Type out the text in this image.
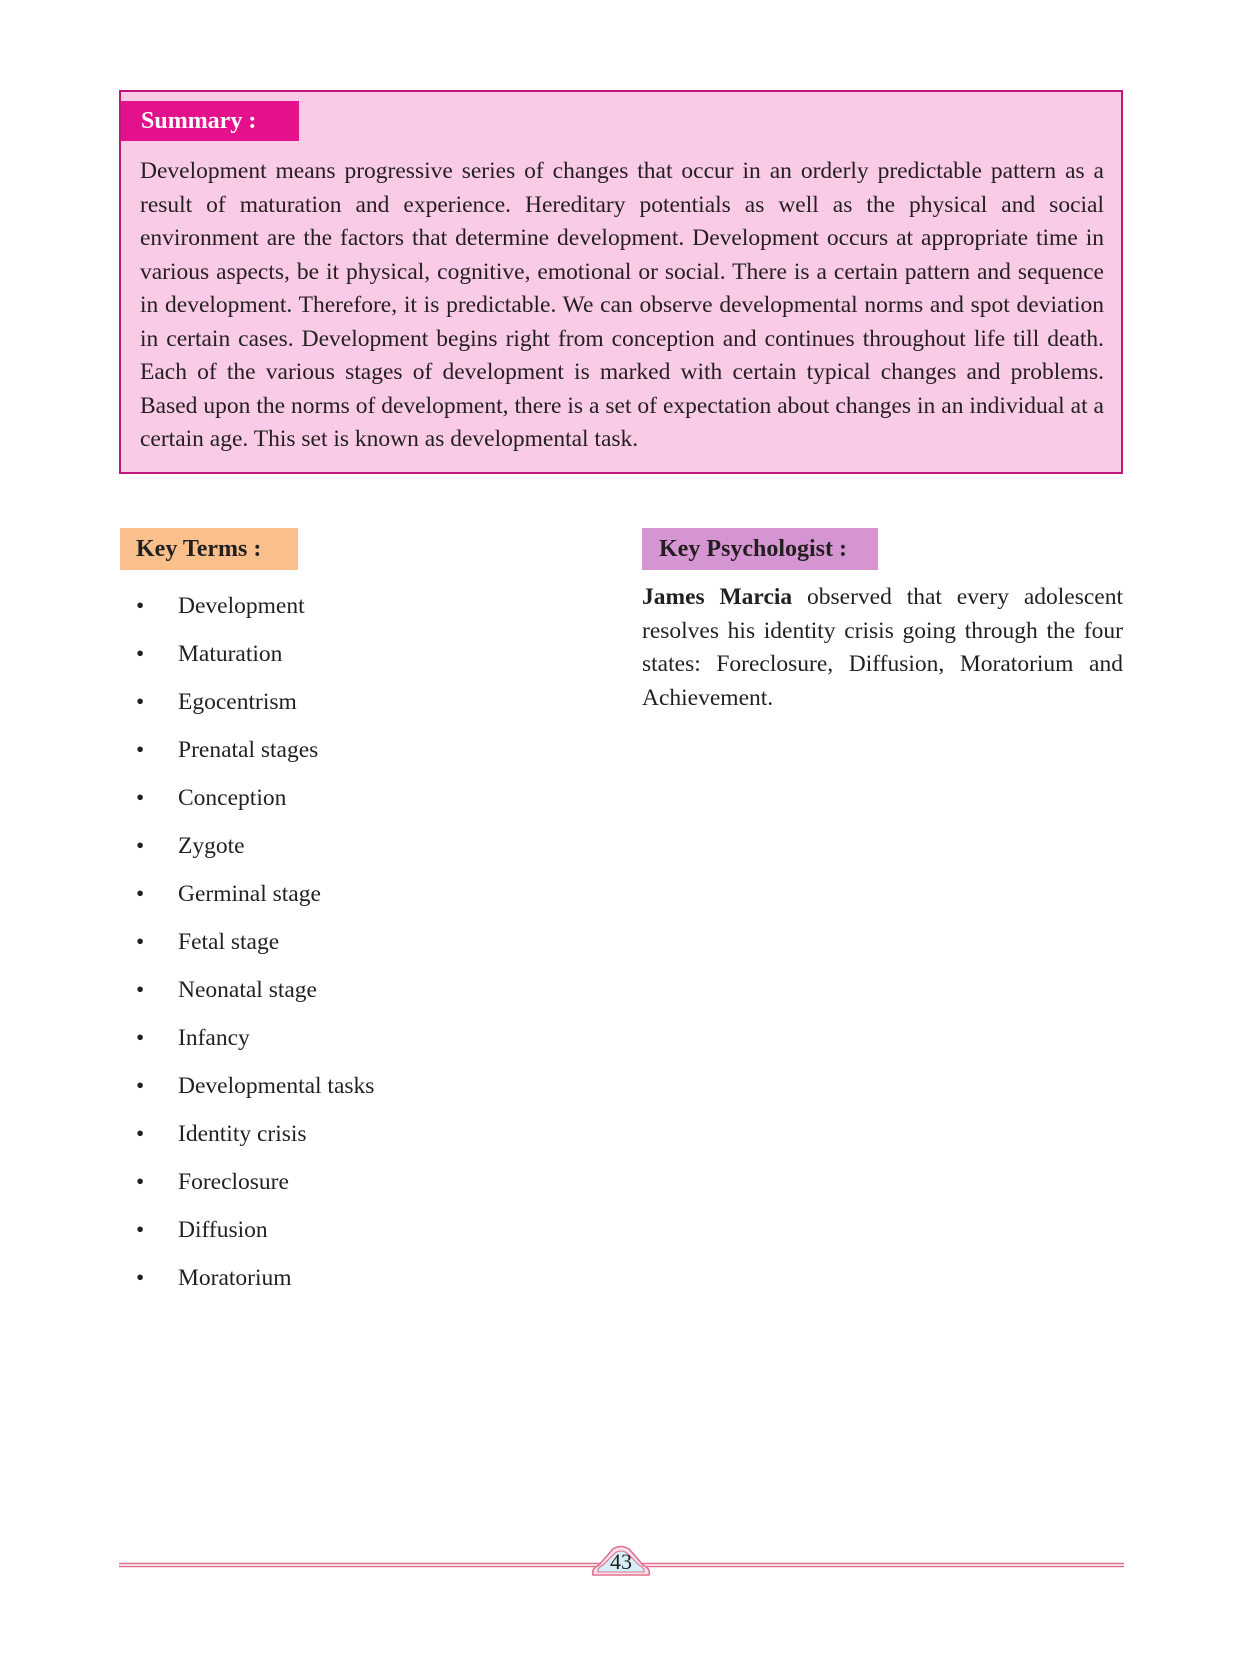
Summary :

Development means progressive series of changes that occur in an orderly predictable pattern as a result of maturation and experience. Hereditary potentials as well as the physical and social environment are the factors that determine development. Development occurs at appropriate time in various aspects, be it physical, cognitive, emotional or social. There is a certain pattern and sequence in development. Therefore, it is predictable. We can observe developmental norms and spot deviation in certain cases. Development begins right from conception and continues throughout life till death. Each of the various stages of development is marked with certain typical changes and problems. Based upon the norms of development, there is a set of expectation about changes in an individual at a certain age. This set is known as developmental task.

Key Terms :
• Development
• Maturation
• Egocentrism
• Prenatal stages
• Conception
• Zygote
• Germinal stage
• Fetal stage
• Neonatal stage
• Infancy
• Developmental tasks
• Identity crisis
• Foreclosure
• Diffusion
• Moratorium
Key Psychologist :

James Marcia observed that every adolescent resolves his identity crisis going through the four states: Foreclosure, Diffusion, Moratorium and Achievement.

43
